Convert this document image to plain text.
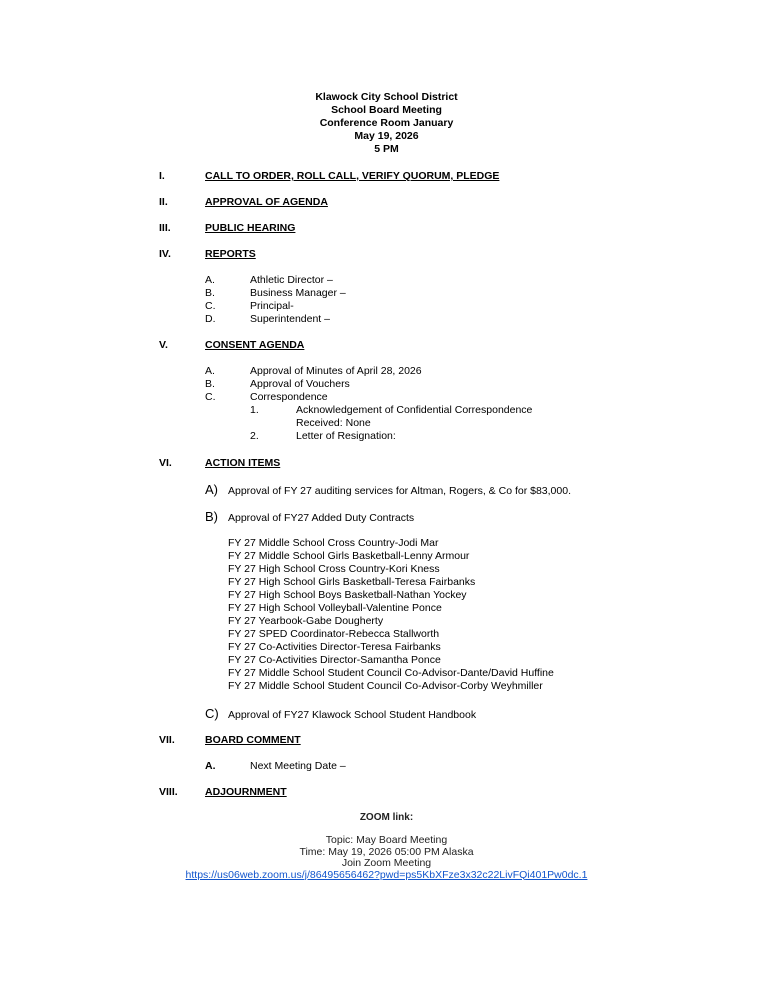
Klawock City School District
School Board Meeting
Conference Room January
May 19, 2026
5 PM
I.	CALL TO ORDER, ROLL CALL, VERIFY QUORUM, PLEDGE
II.	APPROVAL OF AGENDA
III.	PUBLIC HEARING
IV.	REPORTS
A.	Athletic Director –
B.	Business Manager –
C.	Principal-
D.	Superintendent –
V.	CONSENT AGENDA
A.	Approval of Minutes of April 28, 2026
B.	Approval of Vouchers
C.	Correspondence
1.	Acknowledgement of Confidential Correspondence
Received: None
2.	Letter of Resignation:
VI.	ACTION ITEMS
A) Approval of FY 27 auditing services for Altman, Rogers, & Co for $83,000.
B) Approval of FY27 Added Duty Contracts
FY 27 Middle School Cross Country-Jodi Mar
FY 27 Middle School Girls Basketball-Lenny Armour
FY 27 High School Cross Country-Kori Kness
FY 27 High School Girls Basketball-Teresa Fairbanks
FY 27 High School Boys Basketball-Nathan Yockey
FY 27 High School Volleyball-Valentine Ponce
FY 27 Yearbook-Gabe Dougherty
FY 27 SPED Coordinator-Rebecca Stallworth
FY 27 Co-Activities Director-Teresa Fairbanks
FY 27 Co-Activities Director-Samantha Ponce
FY 27 Middle School Student Council Co-Advisor-Dante/David Huffine
FY 27 Middle School Student Council Co-Advisor-Corby Weyhmiller
C) Approval of FY27 Klawock School Student Handbook
VII.	BOARD COMMENT
A.	Next Meeting Date –
VIII.	ADJOURNMENT
ZOOM link:
Topic: May Board Meeting
Time: May 19, 2026 05:00 PM Alaska
Join Zoom Meeting
https://us06web.zoom.us/j/86495656462?pwd=ps5KbXFze3x32c22LivFQi401Pw0dc.1
